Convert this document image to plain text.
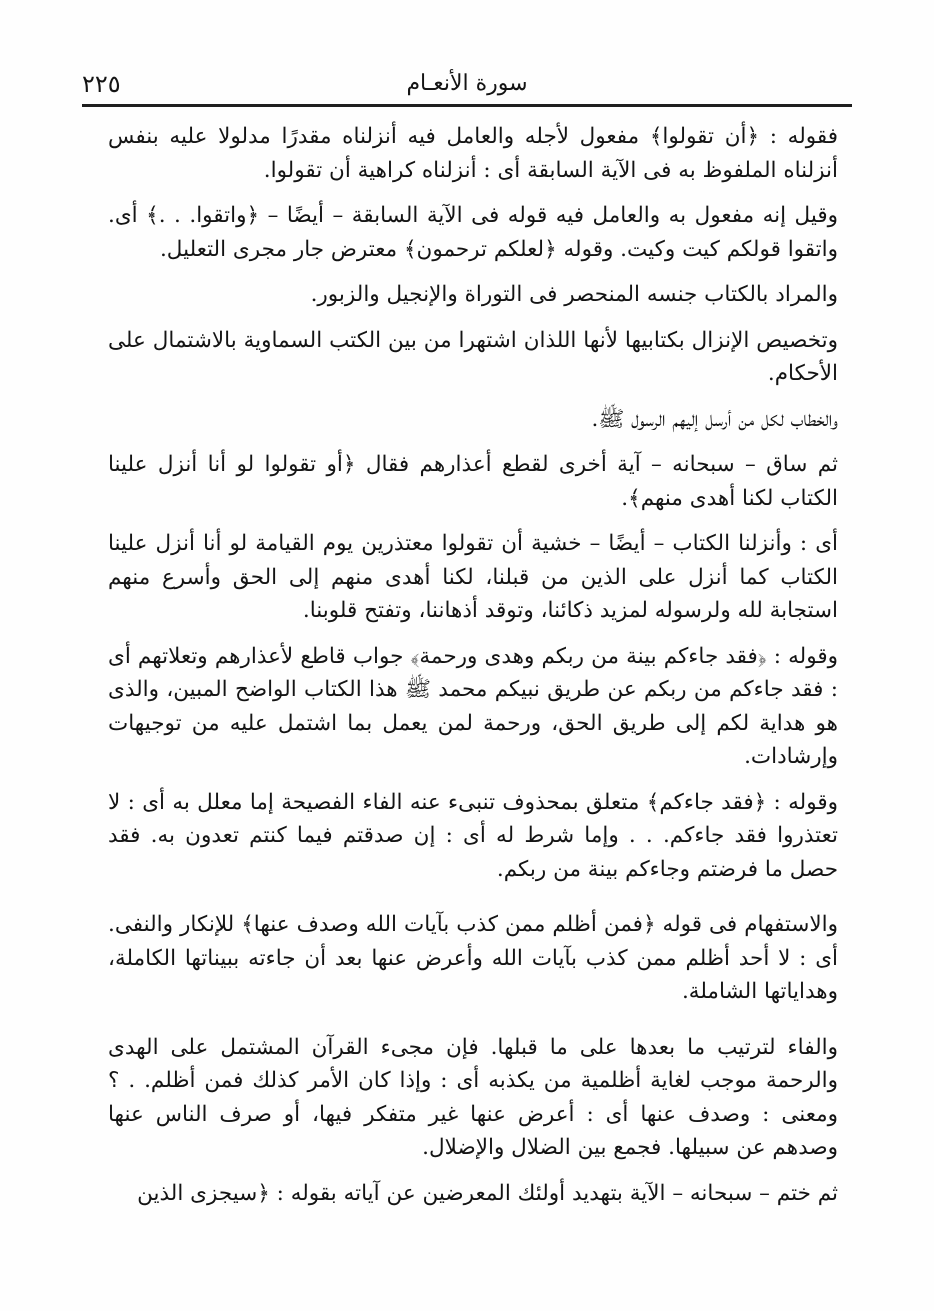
سورة الأنعـام
٢٢٥

فقوله : ﴿أن تقولوا﴾ مفعول لأجله والعامل فيه أنزلناه مقدرًا مدلولا عليه بنفس أنزلناه الملفوظ به فى الآية السابقة أى : أنزلناه كراهية أن تقولوا.

وقيل إنه مفعول به والعامل فيه قوله فى الآية السابقة – أيضًا – ﴿واتقوا. . .﴾ أى. واتقوا قولكم كيت وكيت. وقوله ﴿لعلكم ترحمون﴾ معترض جار مجرى التعليل.

والمراد بالكتاب جنسه المنحصر فى التوراة والإنجيل والزبور.

وتخصيص الإنزال بكتابيها لأنها اللذان اشتهرا من بين الكتب السماوية بالاشتمال على الأحكام.

والخطاب لكل من أرسل إليهم الرسول ﷺ.

ثم ساق – سبحانه – آية أخرى لقطع أعذارهم فقال ﴿أو تقولوا لو أنا أنزل علينا الكتاب لكنا أهدى منهم﴾.

أى : وأنزلنا الكتاب – أيضًا – خشية أن تقولوا معتذرين يوم القيامة لو أنا أنزل علينا الكتاب كما أنزل على الذين من قبلنا، لكنا أهدى منهم إلى الحق وأسرع منهم استجابة لله ولرسوله لمزيد ذكائنا، وتوقد أذهاننا، وتفتح قلوبنا.

وقوله : ﴿فقد جاءكم بينة من ربكم وهدى ورحمة﴾ جواب قاطع لأعذارهم وتعلاتهم أى : فقد جاءكم من ربكم عن طريق نبيكم محمد ﷺ هذا الكتاب الواضح المبين، والذى هو هداية لكم إلى طريق الحق، ورحمة لمن يعمل بما اشتمل عليه من توجيهات وإرشادات.

وقوله : ﴿فقد جاءكم﴾ متعلق بمحذوف تنبىء عنه الفاء الفصيحة إما معلل به أى : لا تعتذروا فقد جاءكم. . . وإما شرط له أى : إن صدقتم فيما كنتم تعدون به. فقد حصل ما فرضتم وجاءكم بينة من ربكم.

والاستفهام فى قوله ﴿فمن أظلم ممن كذب بآيات الله وصدف عنها﴾ للإنكار والنفى. أى : لا أحد أظلم ممن كذب بآيات الله وأعرض عنها بعد أن جاءته ببيناتها الكاملة، وهداياتها الشاملة.

والفاء لترتيب ما بعدها على ما قبلها. فإن مجىء القرآن المشتمل على الهدى والرحمة موجب لغاية أظلمية من يكذبه أى : وإذا كان الأمر كذلك فمن أظلم. . ؟ ومعنى : وصدف عنها أى : أعرض عنها غير متفكر فيها، أو صرف الناس عنها وصدهم عن سبيلها. فجمع بين الضلال والإضلال.

ثم ختم – سبحانه – الآية بتهديد أولئك المعرضين عن آياته بقوله : ﴿سيجزى الذين
